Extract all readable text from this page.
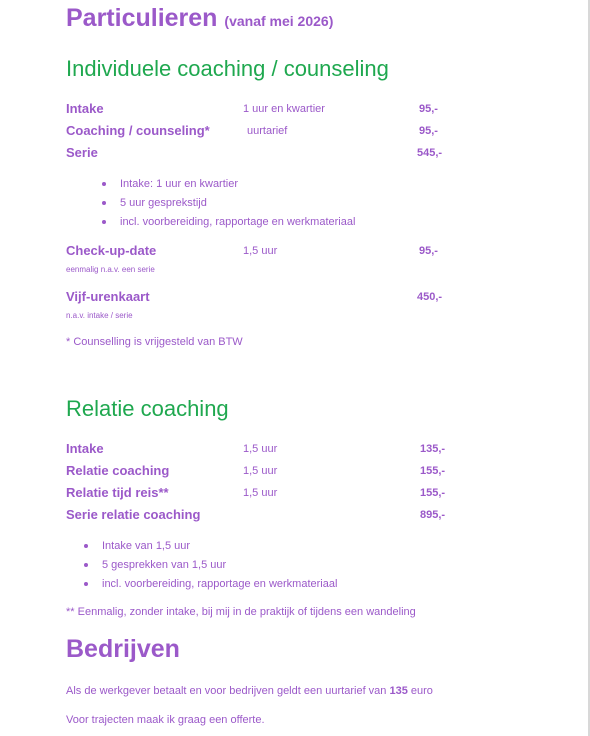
Particulieren (vanaf mei 2026)
Individuele coaching / counseling
Intake	1 uur en kwartier	95,-
Coaching / counseling*	uurtarief	95,-
Serie	545,-
Intake: 1 uur en kwartier
5 uur gesprekstijd
incl. voorbereiding, rapportage en werkmateriaal
Check-up-date	1,5 uur	95,-
eenmalig n.a.v. een serie
Vijf-urenkaart	450,-
n.a.v. intake / serie
* Counselling is vrijgesteld van BTW
Relatie coaching
Intake	1,5 uur	135,-
Relatie coaching	1,5 uur	155,-
Relatie tijd reis**	1,5 uur	155,-
Serie relatie coaching	895,-
Intake van 1,5 uur
5 gesprekken van 1,5 uur
incl. voorbereiding, rapportage en werkmateriaal
** Eenmalig, zonder intake, bij mij in de praktijk of tijdens een wandeling
Bedrijven
Als de werkgever betaalt en voor bedrijven geldt een uurtarief van 135 euro
Voor trajecten maak ik graag een offerte.
